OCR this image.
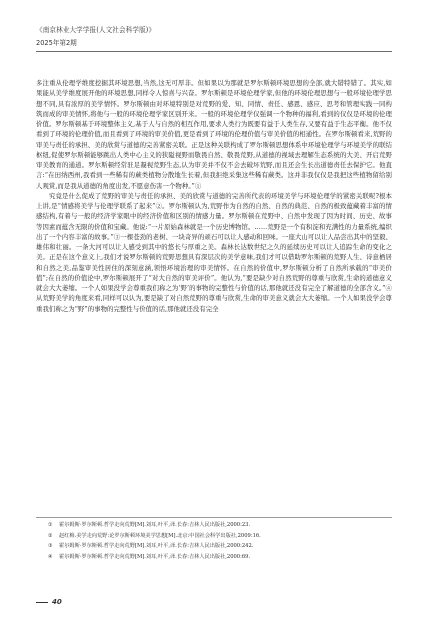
《南京林业大学学报(人文社会科学版)》
2025年第2期

多注重从伦理学维度挖掘其环境思想,当然,这无可厚非。但如果以为那就是罗尔斯顿环境思想的全部,就大错特错了。其实,如果能从美学维度展开他的环境思想,同样令人惊喜与兴奋。罗尔斯顿是环境伦理学家,但他的环境伦理思想与一般环境伦理学思想不同,具有浓厚的美学情怀。罗尔斯顿由对环境特别是对荒野的爱、知、同情、责任、感恩、感应、思考和管理实践一同构筑而成的审美情怀,将他与一般的环境伦理学家区别开来。一般的环境伦理学仅强调一个物种的福利,看到的仅仅是环境的伦理价值。罗尔斯顿基于环境整体主义,基于人与自然的相互作用,要求人类行为既要有益于人类生存,又要有益于生态平衡。他不仅看到了环境的伦理价值,而且看到了环境的审美价值,更是看到了环境的伦理价值与审美价值的相通性。在罗尔斯顿看来,荒野的审美与责任的承担、美的欣赏与道德的完善紧密关联。正是这种关联构成了罗尔斯顿思想体系中环境伦理学与环境美学的联结枢纽,促使罗尔斯顿能够跳出人类中心主义的狭隘视野而敬畏自然、敬畏荒野,从道德的视域去理解生态系统的大美、开启荒野审美教育的通道。罗尔斯顿经常驻足凝视荒野生态,认为审美并不仅不会去破坏荒野,而且还会生长出道德责任去保护它。他直言:“在田纳西州,我看到一些稀有的蕨类植物分散地生长着,但我拒绝采集这些稀有蕨类。这并非我仅仅是我把这些植物留给别人观赏,而是我从道德的角度出发,不愿意伤害一个物种。”①

究竟是什么促成了荒野的审美与责任的承担、美的欣赏与道德的完善所代表的环境美学与环境伦理学的紧密关联呢?根本上讲,是“情感将美学与伦理学联系了起来”②。罗尔斯顿认为,荒野作为自然的自然、自然的典范、自然的极致蕴藏着丰富的情感结构,有着与一般的经济学家眼中的经济价值和区别的情感力量。罗尔斯顿在荒野中、自然中发现了因为时间、历史、故事等因素而蕴含无限的价值和宝藏。他说:“一片原始森林就是一个历史博物馆。……荒野是一个有积淀和充满性的力量系统,编织出了一个内容丰富的故事。”③一棵苍劲的老树、一块奇异的顽石可以让人感动和回味。一座大山可以让人品尝出其中的坚毅、雄伟和壮丽。一条大河可以让人感受到其中的悠长与厚重之美。森林长达数世纪之久的延续历史可以让人追踪生命的变化之美。正是在这个意义上,我们才说罗尔斯顿的荒野思想具有深层次的美学意味,我们才可以借助罗尔斯顿的荒野人生、诗意栖居和自然之美,品鉴审美性居住的深刻意涵,领悟环境治理的审美情怀。在自然的价值中,罗尔斯顿分析了自然所承载的“审美价值”;在自然的价值论中,罗尔斯顿展开了“对大自然的审美评价”。他认为,“要是缺少对自然荒野的尊重与欣赏,生命的道德意义就会大大萎缩。一个人如果没学会尊重我们称之为‘野’的事物的完整性与价值的话,那他就还没有完全了解道德的全部含义。”④从荒野美学的角度来看,同样可以认为,要是缺了对自然荒野的尊重与欣赏,生命的审美意义就会大大萎缩。一个人如果没学会尊重我们称之为“野”的事物的完整性与价值的话,那他就还没有完全

① 霍尔姆斯·罗尔斯顿.哲学走向荒野[M].刘耳,叶平,译.长春:吉林人民出版社,2000:23.
② 赵红梅.美学走向荒野:论罗尔斯顿环境美学思想[M].北京:中国社会科学出版社,2009:16.
③ 霍尔姆斯·罗尔斯顿.哲学走向荒野[M].刘耳,叶平,译.长春:吉林人民出版社,2000:242.
④ 霍尔姆斯·罗尔斯顿.哲学走向荒野[M].刘耳,叶平,译.长春:吉林人民出版社,2000:69.
40
